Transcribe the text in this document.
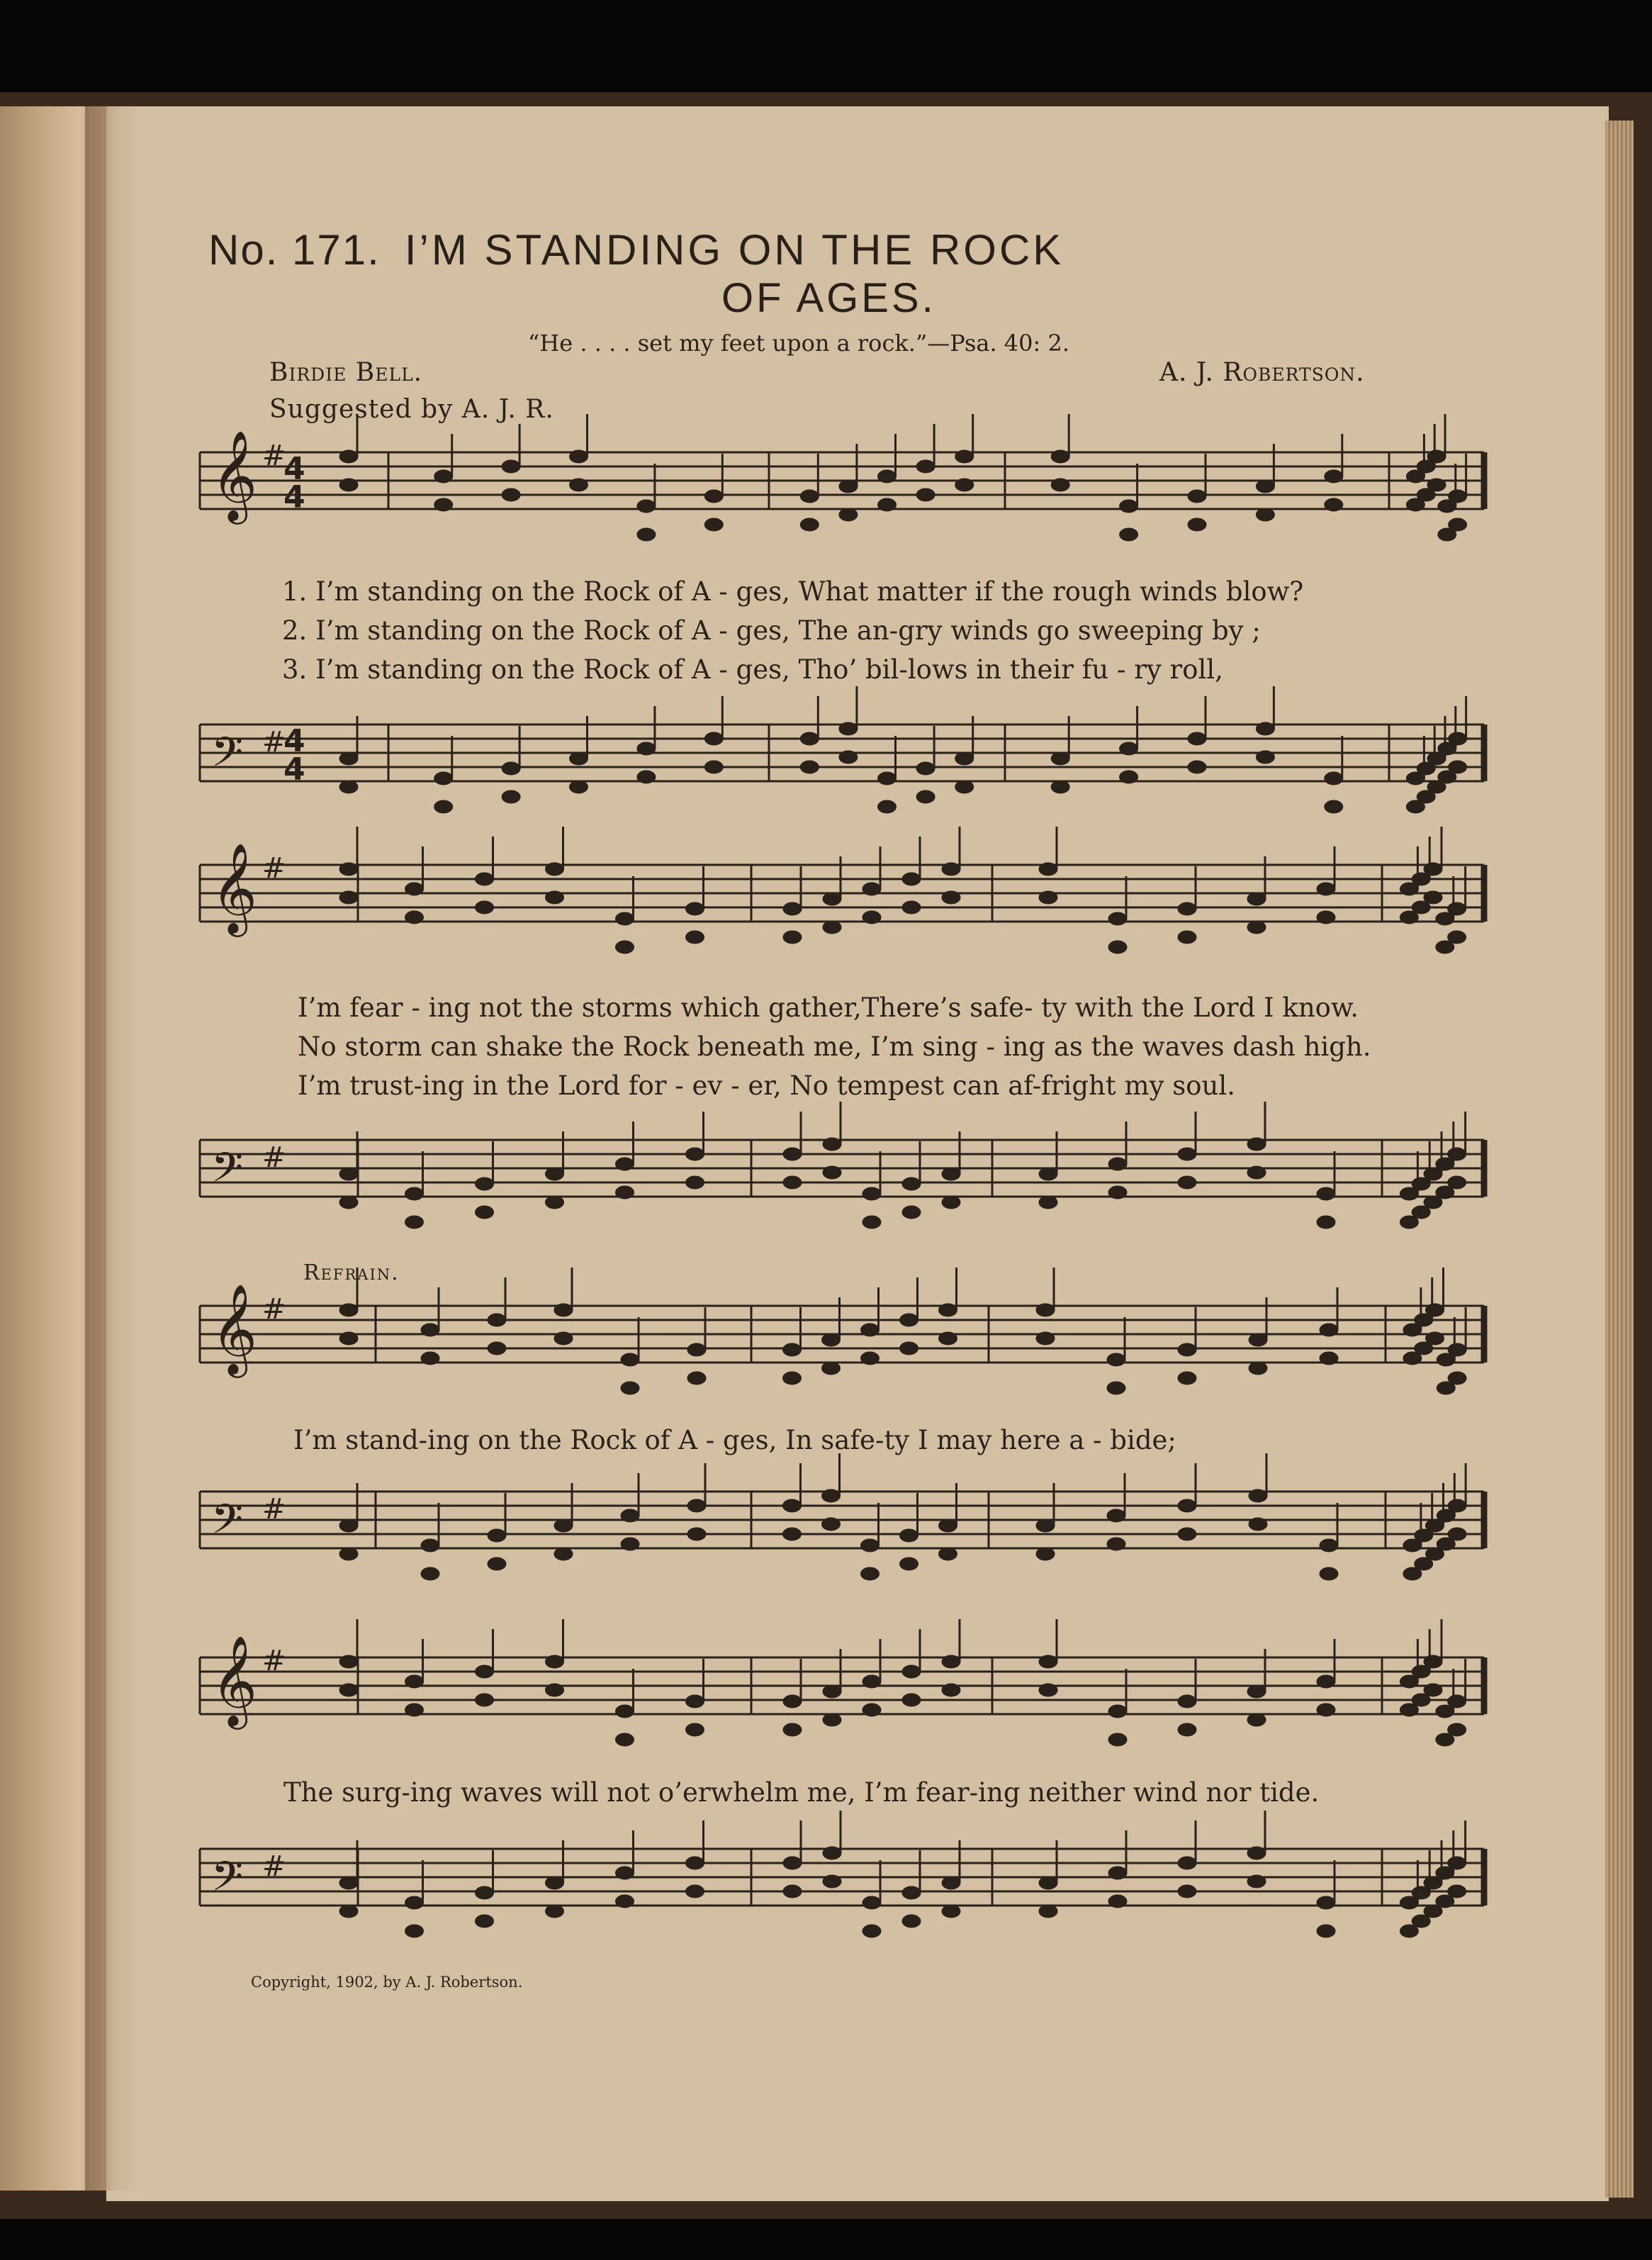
𝄞 #
4
4
𝄢 #
4
4
𝄞 #
𝄢 #
𝄞 #
𝄢 #
𝄞 #
𝄢 #
No. 171. I’M STANDING ON THE ROCK
OF AGES.
“He . . . . set my feet upon a rock.”—Psa. 40: 2.
Birdie Bell.
Suggested by A. J. R.
A. J. Robertson.
1. I’m standing on the Rock of A - ges, What matter if the rough winds blow?
2. I’m standing on the Rock of A - ges, The an-gry winds go sweeping by ;
3. I’m standing on the Rock of A - ges, Tho’ bil-lows in their fu - ry roll,
I’m fear - ing not the storms which gather,There’s safe- ty with the Lord I know.
No storm can shake the Rock beneath me, I’m sing - ing as the waves dash high.
I’m trust-ing in the Lord for - ev - er, No tempest can af-fright my soul.
Refrain.
I’m stand-ing on the Rock of A - ges, In safe-ty I may here a - bide;
The surg-ing waves will not o’erwhelm me, I’m fear-ing neither wind nor tide.
Copyright, 1902, by A. J. Robertson.
